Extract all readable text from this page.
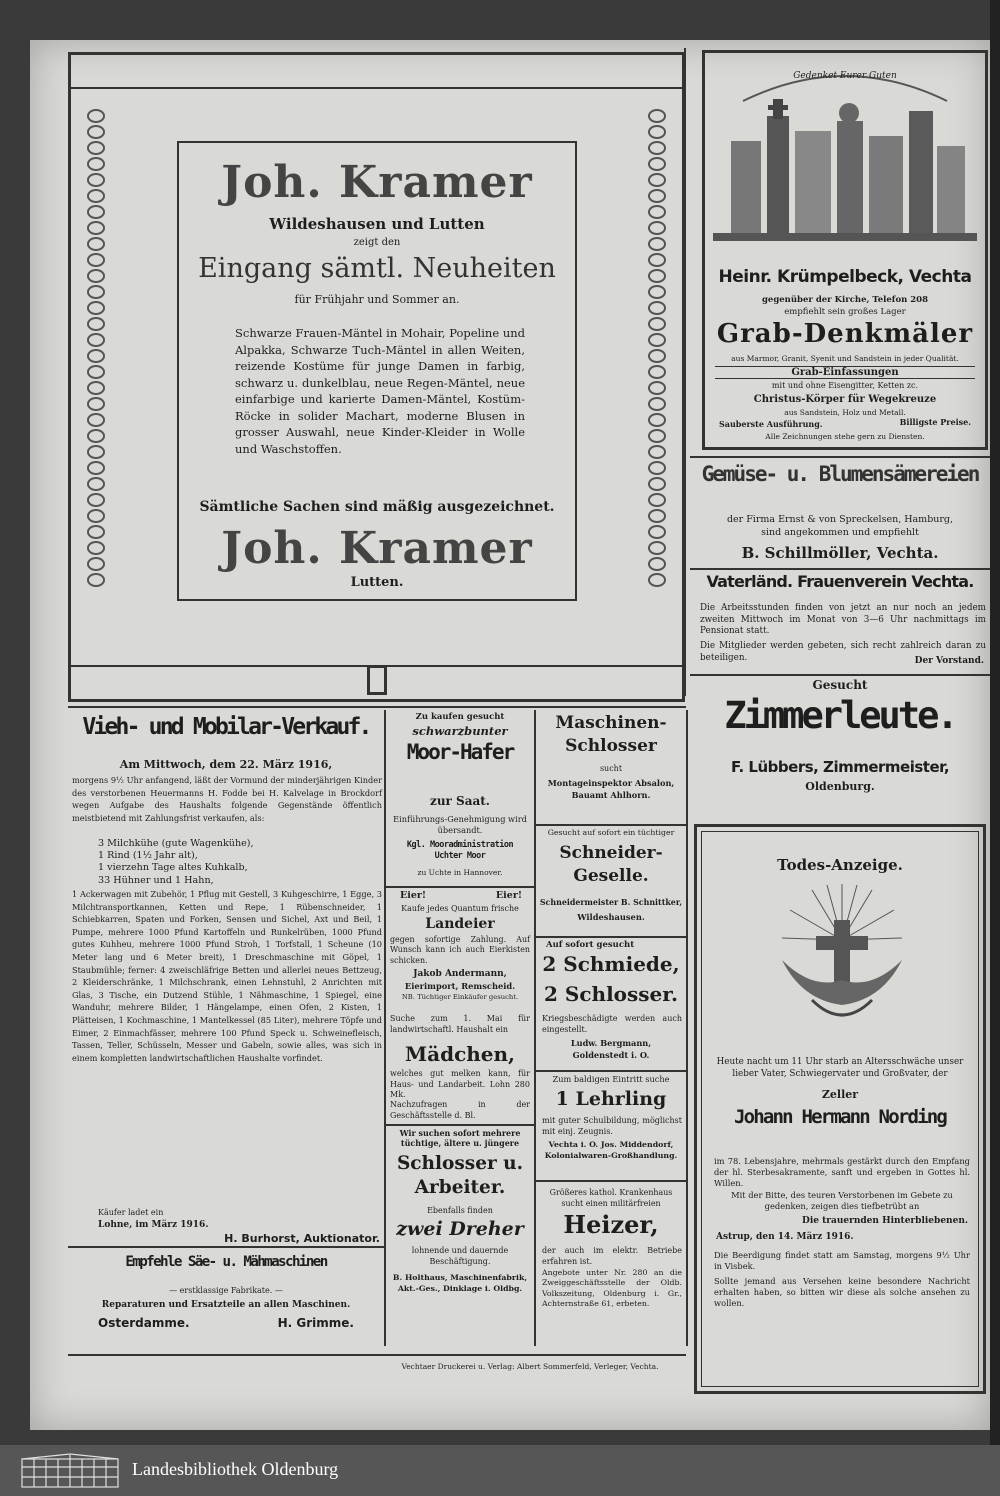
Joh. Kramer
Wildeshausen und Lutten
zeigt den
Eingang sämtl. Neuheiten
für Frühjahr und Sommer an.
Schwarze Frauen-Mäntel in Mohair, Popeline und Alpakka, Schwarze Tuch-Mäntel in allen Weiten, reizende Kostüme für junge Damen in farbig, schwarz u. dunkelblau, neue Regen-Mäntel, neue einfarbige und karierte Damen-Mäntel, Kostüm-Röcke in solider Machart, moderne Blusen in grosser Auswahl, neue Kinder-Kleider in Wolle und Waschstoffen.
Sämtliche Sachen sind mäßig ausgezeichnet.
Joh. Kramer
Lutten.
Gedenket Eurer Guten
Heinr. Krümpelbeck, Vechta
gegenüber der Kirche, Telefon 208
empfiehlt sein großes Lager
Grab-Denkmäler
aus Marmor, Granit, Syenit und Sandstein in jeder Qualität.
Grab-Einfassungen
mit und ohne Eisengitter, Ketten zc.
Christus-Körper für Wegekreuze
aus Sandstein, Holz und Metall.
Sauberste Ausführung.	Billigste Preise.
Alle Zeichnungen stehe gern zu Diensten.
Gemüse- u. Blumensämereien
der Firma Ernst & von Spreckelsen, Hamburg,
sind angekommen und empfiehlt
B. Schillmöller, Vechta.
Vaterländ. Frauenverein Vechta.
Die Arbeitsstunden finden von jetzt an nur noch an jedem zweiten Mittwoch im Monat von 3—6 Uhr nachmittags im Pensionat statt.
Die Mitglieder werden gebeten, sich recht zahlreich daran zu beteiligen.	Der Vorstand.
Gesucht
Zimmerleute.
F. Lübbers, Zimmermeister,
Oldenburg.
Todes-Anzeige.
Heute nacht um 11 Uhr starb an Altersschwäche unser lieber Vater, Schwiegervater und Großvater, der
Zeller
Johann Hermann Nording
im 78. Lebensjahre, mehrmals gestärkt durch den Empfang der hl. Sterbesakramente, sanft und ergeben in Gottes hl. Willen.
Mit der Bitte, des teuren Verstorbenen im Gebete zu gedenken, zeigen dies tiefbetrübt an
Die trauernden Hinterbliebenen.
Astrup, den 14. März 1916.
Die Beerdigung findet statt am Samstag, morgens 9½ Uhr in Visbek.
Sollte jemand aus Versehen keine besondere Nachricht erhalten haben, so bitten wir diese als solche ansehen zu wollen.
Vieh- und Mobilar-Verkauf.
Am Mittwoch, dem 22. März 1916,
morgens 9½ Uhr anfangend, läßt der Vormund der minderjährigen Kinder des verstorbenen Heuermanns H. Fodde bei H. Kalvelage in Brockdorf wegen Aufgabe des Haushalts folgende Gegenstände öffentlich meistbietend mit Zahlungsfrist verkaufen, als:
3 Milchkühe (gute Wagenkühe),
1 Rind (1½ Jahr alt),
1 vierzehn Tage altes Kuhkalb,
33 Hühner und 1 Hahn,
1 Ackerwagen mit Zubehör, 1 Pflug mit Gestell, 3 Kuhgeschirre, 1 Egge, 3 Milchtransportkannen, Ketten und Repe, 1 Rübenschneider, 1 Schiebkarren, Spaten und Forken, Sensen und Sichel, Axt und Beil, 1 Pumpe, mehrere 1000 Pfund Kartoffeln und Runkelrüben, 1000 Pfund gutes Kuhheu, mehrere 1000 Pfund Stroh, 1 Torfstall, 1 Scheune (10 Meter lang und 6 Meter breit), 1 Dreschmaschine mit Göpel, 1 Staubmühle; ferner: 4 zweischläfrige Betten und allerlei neues Bettzeug, 2 Kleiderschränke, 1 Milchschrank, einen Lehnstuhl, 2 Anrichten mit Glas, 3 Tische, ein Dutzend Stühle, 1 Nähmaschine, 1 Spiegel, eine Wanduhr, mehrere Bilder, 1 Hängelampe, einen Ofen, 2 Kisten, 1 Plätteisen, 1 Kochmaschine, 1 Mantelkessel (85 Liter), mehrere Töpfe und Eimer, 2 Einmachfässer, mehrere 100 Pfund Speck u. Schweinefleisch, Tassen, Teller, Schüsseln, Messer und Gabeln, sowie alles, was sich in einem kompletten landwirtschaftlichen Haushalte vorfindet.
Käufer ladet ein
Lohne, im März 1916.
H. Burhorst, Auktionator.
Empfehle Säe- u. Mähmaschinen
— erstklassige Fabrikate. —
Reparaturen und Ersatzteile an allen Maschinen.
Osterdamme.	H. Grimme.
Zu kaufen gesucht
schwarzbunter
Moor-Hafer
zur Saat.
Einführungs-Genehmigung wird übersandt.
Kgl. Mooradministration Uchter Moor
zu Uchte in Hannover.
Eier!	Eier!
Kaufe jedes Quantum frische
Landeier
gegen sofortige Zahlung. Auf Wunsch kann ich auch Eierkisten schicken.
Jakob Andermann,
Eierimport, Remscheid.
NB. Tüchtiger Einkäufer gesucht.
Suche zum 1. Mai für landwirtschaftl. Haushalt ein
Mädchen,
welches gut melken kann, für Haus- und Landarbeit. Lohn 280 Mk.
Nachzufragen in der Geschäftsstelle d. Bl.
Wir suchen sofort mehrere tüchtige, ältere u. jüngere
Schlosser u. Arbeiter.
Ebenfalls finden
zwei Dreher
lohnende und dauernde Beschäftigung.
B. Holthaus, Maschinenfabrik, Akt.-Ges., Dinklage i. Oldbg.
Maschinen-Schlosser
sucht
Montageinspektor Absalon,
Bauamt Ahlhorn.
Gesucht auf sofort ein tüchtiger
Schneider-Geselle.
Schneidermeister B. Schnittker,
Wildeshausen.
Auf sofort gesucht
2 Schmiede,
2 Schlosser.
Kriegsbeschädigte werden auch eingestellt.
Ludw. Bergmann,
Goldenstedt i. O.
Zum baldigen Eintritt suche
1 Lehrling
mit guter Schulbildung, möglichst mit einj. Zeugnis.
Vechta i. O. Jos. Middendorf, Kolonialwaren-Großhandlung.
Größeres kathol. Krankenhaus sucht einen militärfreien
Heizer,
der auch im elektr. Betriebe erfahren ist.
Angebote unter Nr. 280 an die Zweiggeschäftsstelle der Oldb. Volkszeitung, Oldenburg i. Gr., Achternstraße 61, erbeten.
Vechtaer Druckerei u. Verlag: Albert Sommerfeld, Verleger, Vechta.
Landesbibliothek Oldenburg
